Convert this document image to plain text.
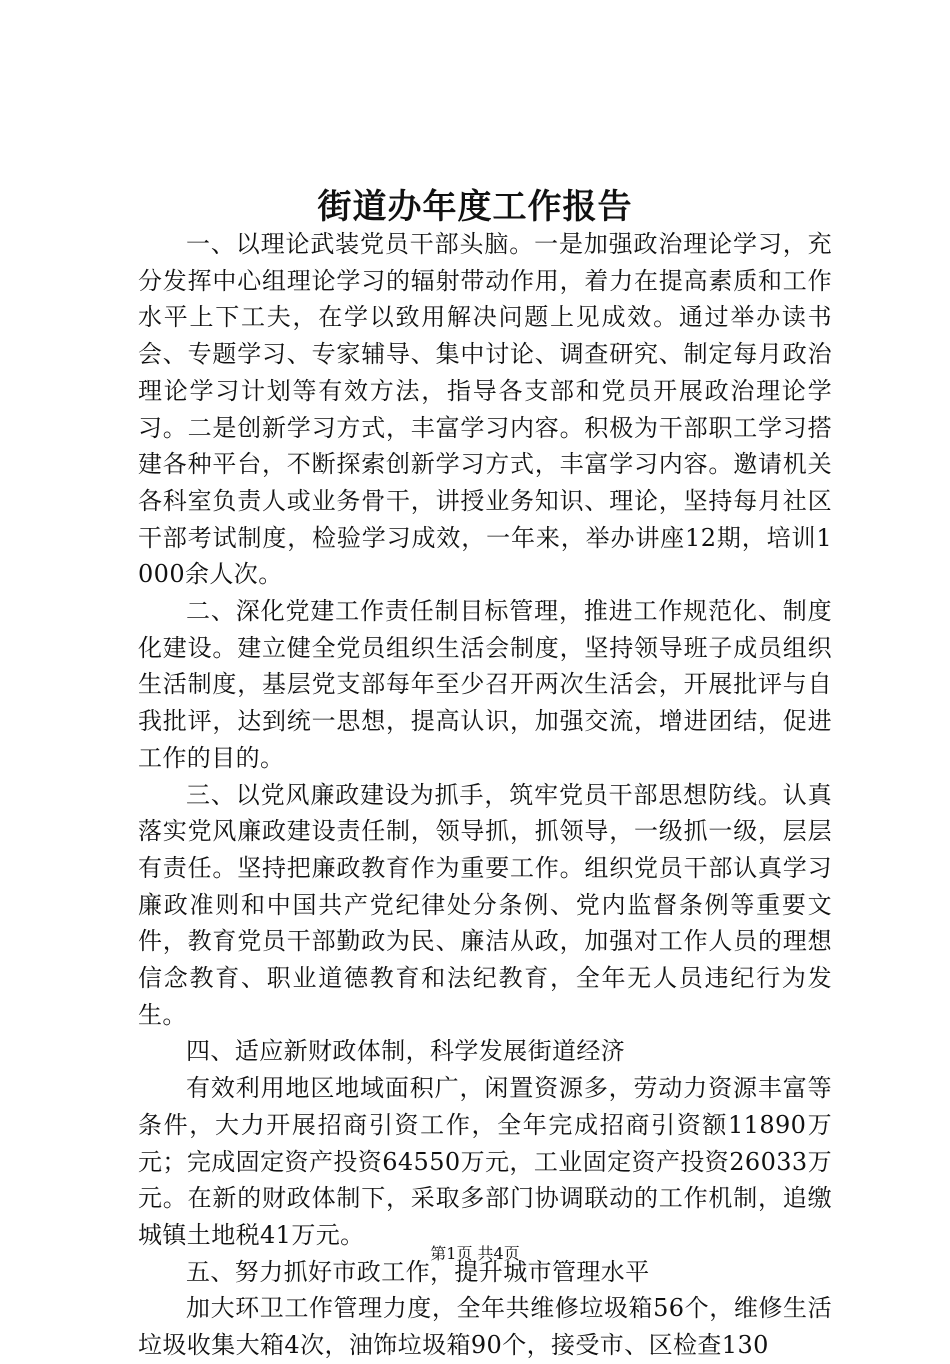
街道办年度工作报告

一、以理论武装党员干部头脑。一是加强政治理论学习，充分发挥中心组理论学习的辐射带动作用，着力在提高素质和工作水平上下工夫，在学以致用解决问题上见成效。通过举办读书会、专题学习、专家辅导、集中讨论、调查研究、制定每月政治理论学习计划等有效方法，指导各支部和党员开展政治理论学习。二是创新学习方式，丰富学习内容。积极为干部职工学习搭建各种平台，不断探索创新学习方式，丰富学习内容。邀请机关各科室负责人或业务骨干，讲授业务知识、理论，坚持每月社区干部考试制度，检验学习成效，一年来，举办讲座12期，培训1000余人次。

二、深化党建工作责任制目标管理，推进工作规范化、制度化建设。建立健全党员组织生活会制度，坚持领导班子成员组织生活制度，基层党支部每年至少召开两次生活会，开展批评与自我批评，达到统一思想，提高认识，加强交流，增进团结，促进工作的目的。

三、以党风廉政建设为抓手，筑牢党员干部思想防线。认真落实党风廉政建设责任制，领导抓，抓领导，一级抓一级，层层有责任。坚持把廉政教育作为重要工作。组织党员干部认真学习廉政准则和中国共产党纪律处分条例、党内监督条例等重要文件，教育党员干部勤政为民、廉洁从政，加强对工作人员的理想信念教育、职业道德教育和法纪教育，全年无人员违纪行为发生。

四、适应新财政体制，科学发展街道经济

有效利用地区地域面积广，闲置资源多，劳动力资源丰富等条件，大力开展招商引资工作，全年完成招商引资额11890万元；完成固定资产投资64550万元，工业固定资产投资26033万元。在新的财政体制下，采取多部门协调联动的工作机制，追缴城镇土地税41万元。

五、努力抓好市政工作，提升城市管理水平

加大环卫工作管理力度，全年共维修垃圾箱56个，维修生活垃圾收集大箱4次，油饰垃圾箱90个，接受市、区检查130

第1页 共4页
